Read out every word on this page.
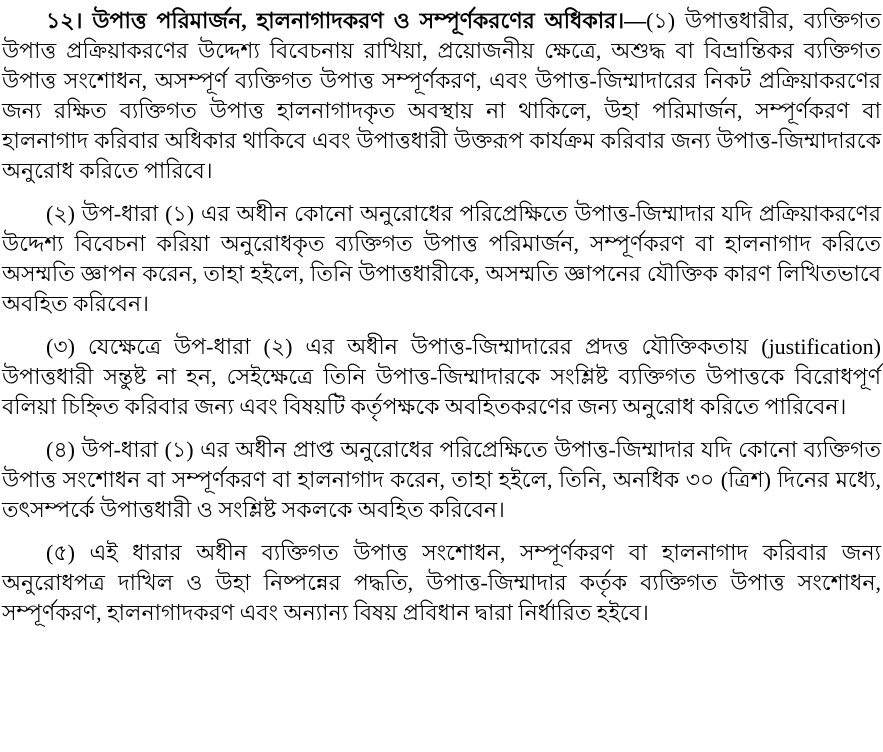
১২। উপাত্ত পরিমার্জন, হালনাগাদকরণ ও সম্পূর্ণকরণের অধিকার।—(১) উপাত্তধারীর, ব্যক্তিগত উপাত্ত প্রক্রিয়াকরণের উদ্দেশ্য বিবেচনায় রাখিয়া, প্রয়োজনীয় ক্ষেত্রে, অশুদ্ধ বা বিভ্রান্তিকর ব্যক্তিগত উপাত্ত সংশোধন, অসম্পূর্ণ ব্যক্তিগত উপাত্ত সম্পূর্ণকরণ, এবং উপাত্ত-জিম্মাদারের নিকট প্রক্রিয়াকরণের জন্য রক্ষিত ব্যক্তিগত উপাত্ত হালনাগাদকৃত অবস্থায় না থাকিলে, উহা পরিমার্জন, সম্পূর্ণকরণ বা হালনাগাদ করিবার অধিকার থাকিবে এবং উপাত্তধারী উক্তরূপ কার্যক্রম করিবার জন্য উপাত্ত-জিম্মাদারকে অনুরোধ করিতে পারিবে।

(২) উপ-ধারা (১) এর অধীন কোনো অনুরোধের পরিপ্রেক্ষিতে উপাত্ত-জিম্মাদার যদি প্রক্রিয়াকরণের উদ্দেশ্য বিবেচনা করিয়া অনুরোধকৃত ব্যক্তিগত উপাত্ত পরিমার্জন, সম্পূর্ণকরণ বা হালনাগাদ করিতে অসম্মতি জ্ঞাপন করেন, তাহা হইলে, তিনি উপাত্তধারীকে, অসম্মতি জ্ঞাপনের যৌক্তিক কারণ লিখিতভাবে অবহিত করিবেন।

(৩) যেক্ষেত্রে উপ-ধারা (২) এর অধীন উপাত্ত-জিম্মাদারের প্রদত্ত যৌক্তিকতায় (justification) উপাত্তধারী সন্তুষ্ট না হন, সেইক্ষেত্রে তিনি উপাত্ত-জিম্মাদারকে সংশ্লিষ্ট ব্যক্তিগত উপাত্তকে বিরোধপূর্ণ বলিয়া চিহ্নিত করিবার জন্য এবং বিষয়টি কর্তৃপক্ষকে অবহিতকরণের জন্য অনুরোধ করিতে পারিবেন।

(৪) উপ-ধারা (১) এর অধীন প্রাপ্ত অনুরোধের পরিপ্রেক্ষিতে উপাত্ত-জিম্মাদার যদি কোনো ব্যক্তিগত উপাত্ত সংশোধন বা সম্পূর্ণকরণ বা হালনাগাদ করেন, তাহা হইলে, তিনি, অনধিক ৩০ (ত্রিশ) দিনের মধ্যে, তৎসম্পর্কে উপাত্তধারী ও সংশ্লিষ্ট সকলকে অবহিত করিবেন।

(৫) এই ধারার অধীন ব্যক্তিগত উপাত্ত সংশোধন, সম্পূর্ণকরণ বা হালনাগাদ করিবার জন্য অনুরোধপত্র দাখিল ও উহা নিষ্পন্নের পদ্ধতি, উপাত্ত-জিম্মাদার কর্তৃক ব্যক্তিগত উপাত্ত সংশোধন, সম্পূর্ণকরণ, হালনাগাদকরণ এবং অন্যান্য বিষয় প্রবিধান দ্বারা নির্ধারিত হইবে।
